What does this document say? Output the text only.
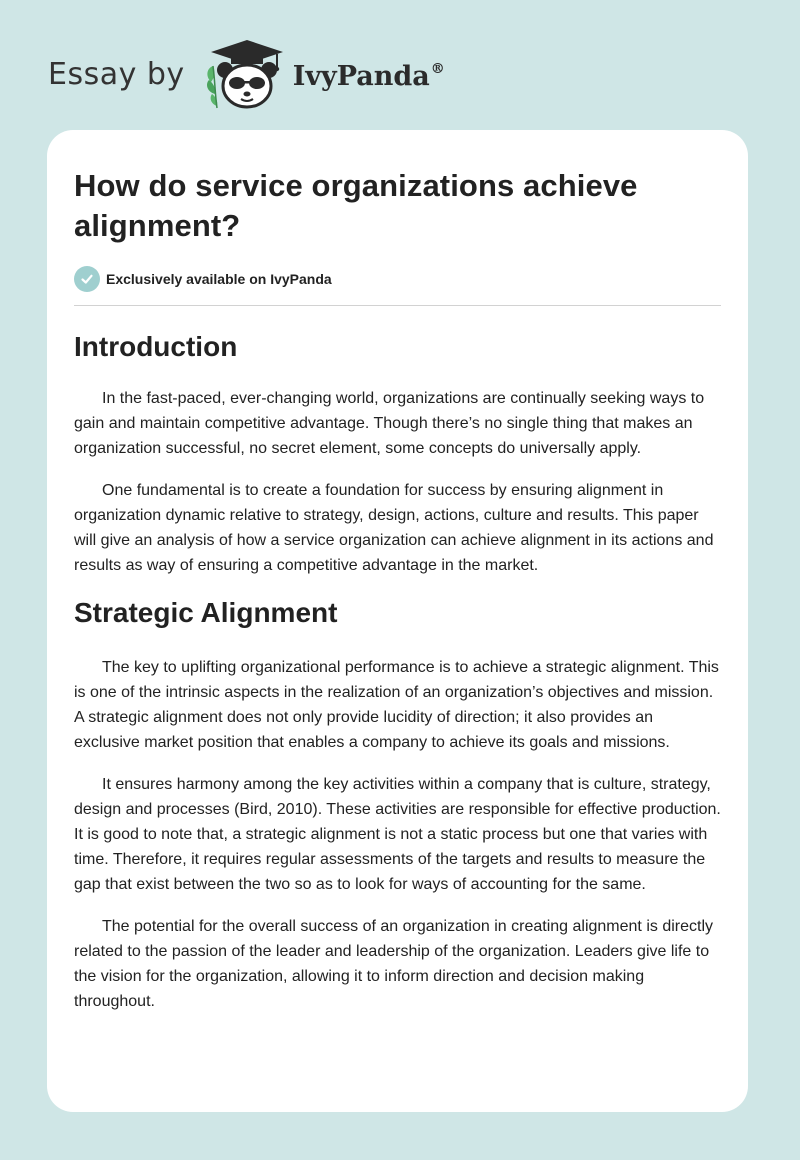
Essay by	IvyPanda®
How do service organizations achieve alignment?
Exclusively available on IvyPanda
Introduction

In the fast-paced, ever-changing world, organizations are continually seeking ways to gain and maintain competitive advantage. Though there’s no single thing that makes an organization successful, no secret element, some concepts do universally apply.

One fundamental is to create a foundation for success by ensuring alignment in organization dynamic relative to strategy, design, actions, culture and results. This paper will give an analysis of how a service organization can achieve alignment in its actions and results as way of ensuring a competitive advantage in the market.

Strategic Alignment

The key to uplifting organizational performance is to achieve a strategic alignment. This is one of the intrinsic aspects in the realization of an organization’s objectives and mission. A strategic alignment does not only provide lucidity of direction; it also provides an exclusive market position that enables a company to achieve its goals and missions.

It ensures harmony among the key activities within a company that is culture, strategy, design and processes (Bird, 2010). These activities are responsible for effective production. It is good to note that, a strategic alignment is not a static process but one that varies with time. Therefore, it requires regular assessments of the targets and results to measure the gap that exist between the two so as to look for ways of accounting for the same.

The potential for the overall success of an organization in creating alignment is directly related to the passion of the leader and leadership of the organization. Leaders give life to the vision for the organization, allowing it to inform direction and decision making throughout.
